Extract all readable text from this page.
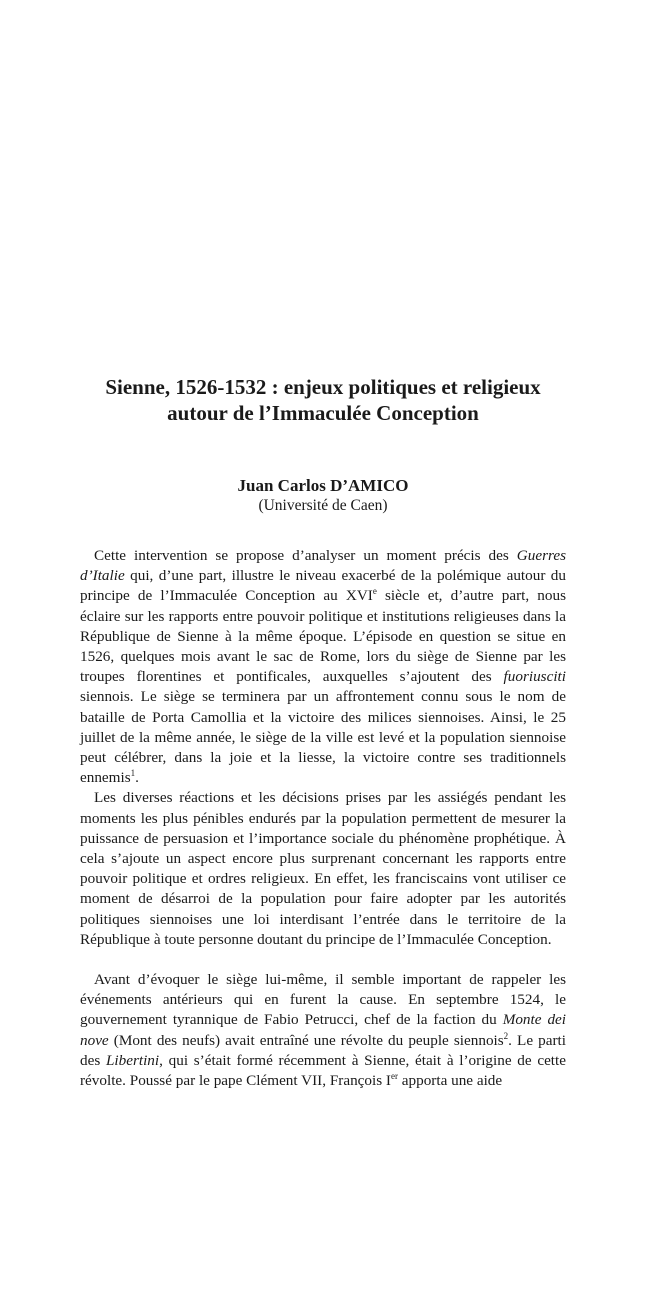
Sienne, 1526-1532 : enjeux politiques et religieux
autour de l’Immaculée Conception
Juan Carlos D’AMICO
(Université de Caen)

Cette intervention se propose d’analyser un moment précis des Guerres d’Italie qui, d’une part, illustre le niveau exacerbé de la polémique autour du principe de l’Immaculée Conception au XVIe siècle et, d’autre part, nous éclaire sur les rapports entre pouvoir politique et institutions religieuses dans la République de Sienne à la même époque. L’épisode en question se situe en 1526, quelques mois avant le sac de Rome, lors du siège de Sienne par les troupes florentines et pontificales, auxquelles s’ajoutent des fuoriusciti siennois. Le siège se terminera par un affrontement connu sous le nom de bataille de Porta Camollia et la victoire des milices siennoises. Ainsi, le 25 juillet de la même année, le siège de la ville est levé et la population siennoise peut célébrer, dans la joie et la liesse, la victoire contre ses traditionnels ennemis$^1$.

Les diverses réactions et les décisions prises par les assiégés pendant les moments les plus pénibles endurés par la population permettent de mesurer la puissance de persuasion et l’importance sociale du phénomène prophétique. À cela s’ajoute un aspect encore plus surprenant concernant les rapports entre pouvoir politique et ordres religieux. En effet, les franciscains vont utiliser ce moment de désarroi de la population pour faire adopter par les autorités politiques siennoises une loi interdisant l’entrée dans le territoire de la République à toute personne doutant du principe de l’Immaculée Conception.

Avant d’évoquer le siège lui-même, il semble important de rappeler les événements antérieurs qui en furent la cause. En septembre 1524, le gouvernement tyrannique de Fabio Petrucci, chef de la faction du Monte dei nove (Mont des neufs) avait entraîné une révolte du peuple siennois$^2$. Le parti des Libertini, qui s’était formé récemment à Sienne, était à l’origine de cette révolte. Poussé par le pape Clément VII, François Ier apporta une aide
